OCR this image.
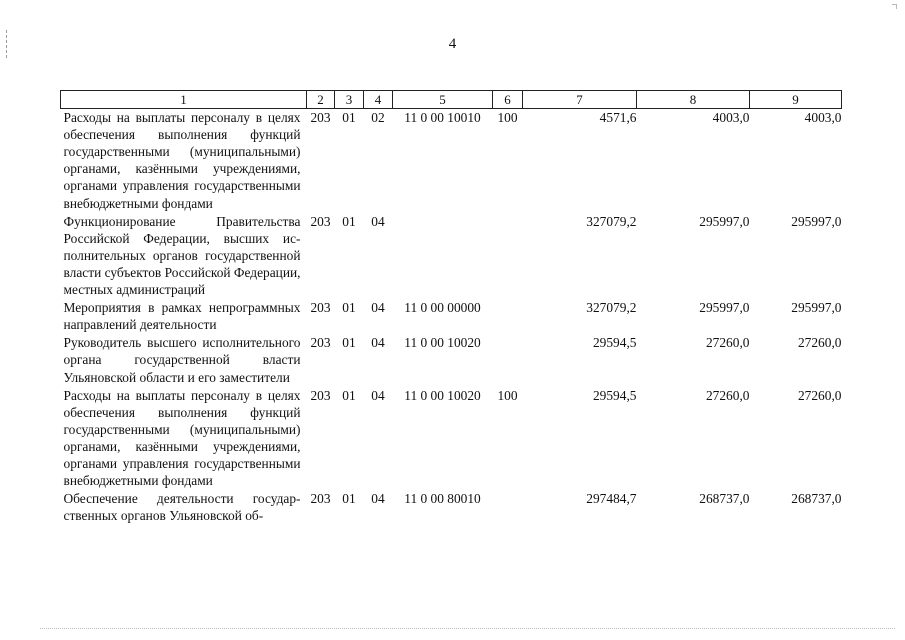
4
1	2	3	4	5	6	7	8	9
Расходы на выплаты персоналу в целях обеспечения выполнения функций государственными (муниципальными) органами, казёнными учреждениями, органами управления государственными внебюджетными фондами	203	01	02	11 0 00 10010	100	4571,6	4003,0	4003,0
Функционирование Правительства Российской Федерации, высших исполнительных органов государственной власти субъектов Российской Федерации, местных администраций	203	01	04			327079,2	295997,0	295997,0
Мероприятия в рамках непрограммных направлений деятельности	203	01	04	11 0 00 00000		327079,2	295997,0	295997,0
Руководитель высшего исполнительного органа государственной власти Ульяновской области и его заместители	203	01	04	11 0 00 10020		29594,5	27260,0	27260,0
Расходы на выплаты персоналу в целях обеспечения выполнения функций государственными (муниципальными) органами, казёнными учреждениями, органами управления государственными внебюджетными фондами	203	01	04	11 0 00 10020	100	29594,5	27260,0	27260,0
Обеспечение деятельности государственных органов Ульяновской об-	203	01	04	11 0 00 80010		297484,7	268737,0	268737,0
